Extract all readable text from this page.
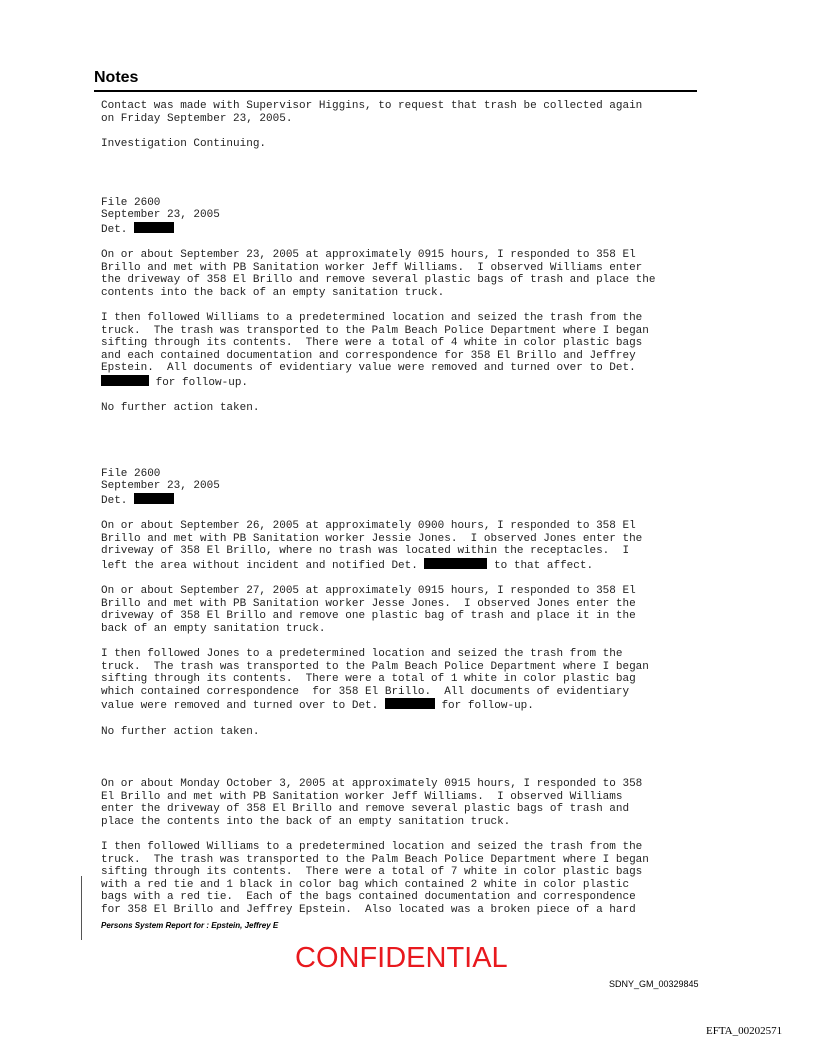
Notes
Contact was made with Supervisor Higgins, to request that trash be collected again
on Friday September 23, 2005.
Investigation Continuing.
File 2600
September 23, 2005
Det.
On or about September 23, 2005 at approximately 0915 hours, I responded to 358 El
Brillo and met with PB Sanitation worker Jeff Williams.  I observed Williams enter
the driveway of 358 El Brillo and remove several plastic bags of trash and place the
contents into the back of an empty sanitation truck.
I then followed Williams to a predetermined location and seized the trash from the
truck.  The trash was transported to the Palm Beach Police Department where I began
sifting through its contents.  There were a total of 4 white in color plastic bags
and each contained documentation and correspondence for 358 El Brillo and Jeffrey
Epstein.  All documents of evidentiary value were removed and turned over to Det.
for follow-up.
No further action taken.
File 2600
September 23, 2005
Det.
On or about September 26, 2005 at approximately 0900 hours, I responded to 358 El
Brillo and met with PB Sanitation worker Jessie Jones.  I observed Jones enter the
driveway of 358 El Brillo, where no trash was located within the receptacles.  I
left the area without incident and notified Det.	to that affect.
On or about September 27, 2005 at approximately 0915 hours, I responded to 358 El
Brillo and met with PB Sanitation worker Jesse Jones.  I observed Jones enter the
driveway of 358 El Brillo and remove one plastic bag of trash and place it in the
back of an empty sanitation truck.
I then followed Jones to a predetermined location and seized the trash from the
truck.  The trash was transported to the Palm Beach Police Department where I began
sifting through its contents.  There were a total of 1 white in color plastic bag
which contained correspondence  for 358 El Brillo.  All documents of evidentiary
value were removed and turned over to Det.	for follow-up.
No further action taken.
On or about Monday October 3, 2005 at approximately 0915 hours, I responded to 358
El Brillo and met with PB Sanitation worker Jeff Williams.  I observed Williams
enter the driveway of 358 El Brillo and remove several plastic bags of trash and
place the contents into the back of an empty sanitation truck.
I then followed Williams to a predetermined location and seized the trash from the
truck.  The trash was transported to the Palm Beach Police Department where I began
sifting through its contents.  There were a total of 7 white in color plastic bags
with a red tie and 1 black in color bag which contained 2 white in color plastic
bags with a red tie.  Each of the bags contained documentation and correspondence
for 358 El Brillo and Jeffrey Epstein.  Also located was a broken piece of a hard
Persons System Report for : Epstein, Jeffrey E
CONFIDENTIAL
SDNY_GM_00329845
EFTA_00202571
